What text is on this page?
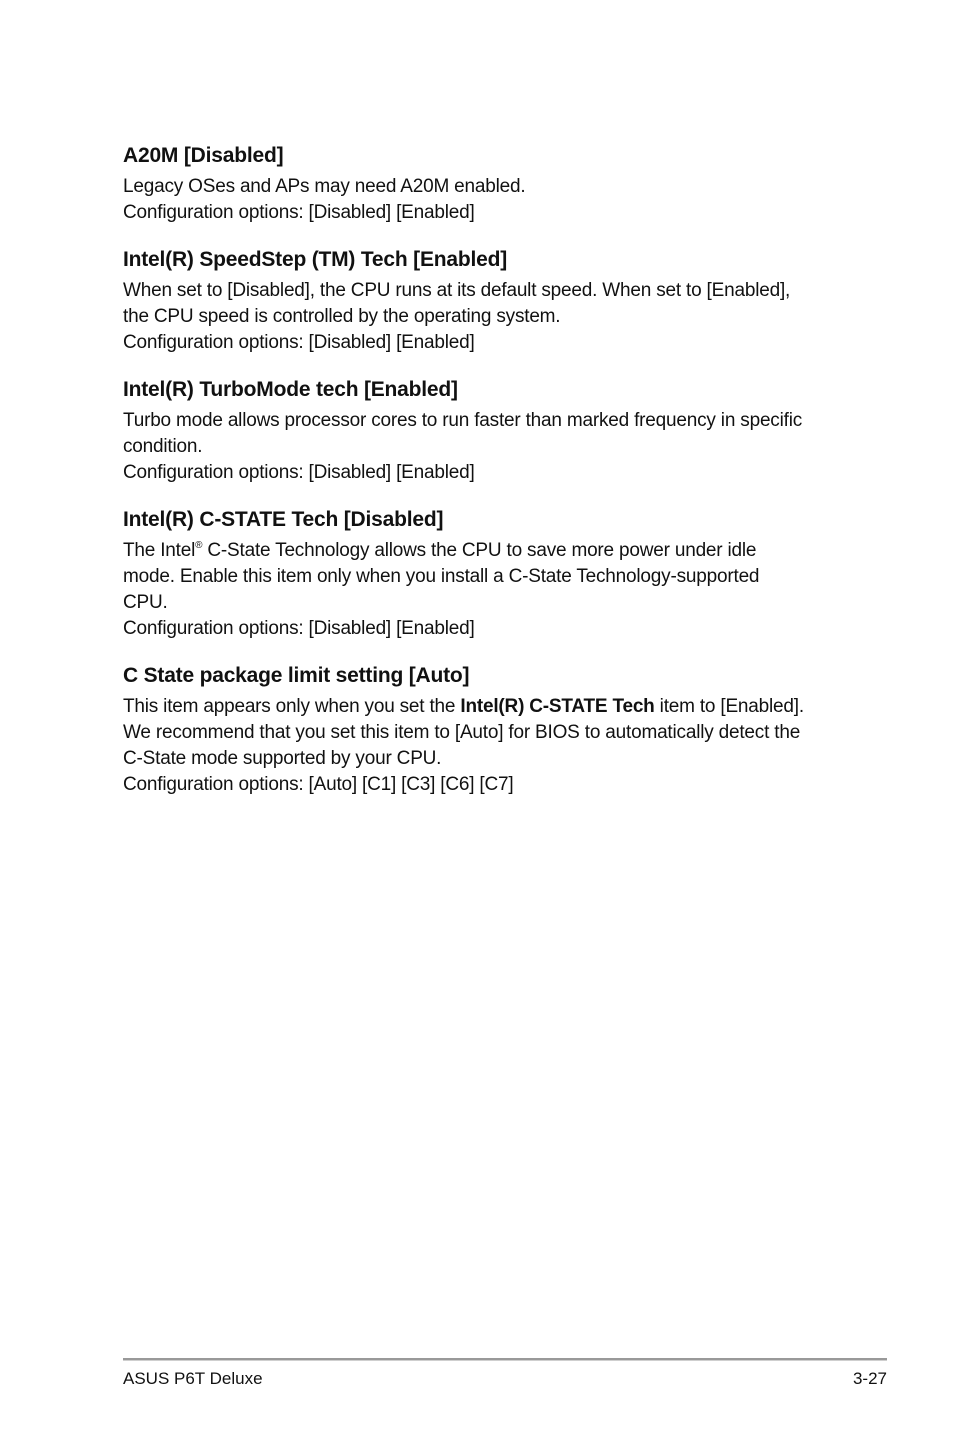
A20M [Disabled]

Legacy OSes and APs may need A20M enabled.

Configuration options: [Disabled] [Enabled]

Intel(R) SpeedStep (TM) Tech [Enabled]

When set to [Disabled], the CPU runs at its default speed. When set to [Enabled],

the CPU speed is controlled by the operating system.

Configuration options: [Disabled] [Enabled]

Intel(R) TurboMode tech [Enabled]

Turbo mode allows processor cores to run faster than marked frequency in specific

condition.

Configuration options: [Disabled] [Enabled]

Intel(R) C-STATE Tech [Disabled]

The Intel® C-State Technology allows the CPU to save more power under idle

mode. Enable this item only when you install a C-State Technology-supported

CPU.

Configuration options: [Disabled] [Enabled]

C State package limit setting [Auto]

This item appears only when you set the Intel(R) C-STATE Tech item to [Enabled].

We recommend that you set this item to [Auto] for BIOS to automatically detect the

C-State mode supported by your CPU.

Configuration options: [Auto] [C1] [C3] [C6] [C7]

ASUS P6T Deluxe	3-27
